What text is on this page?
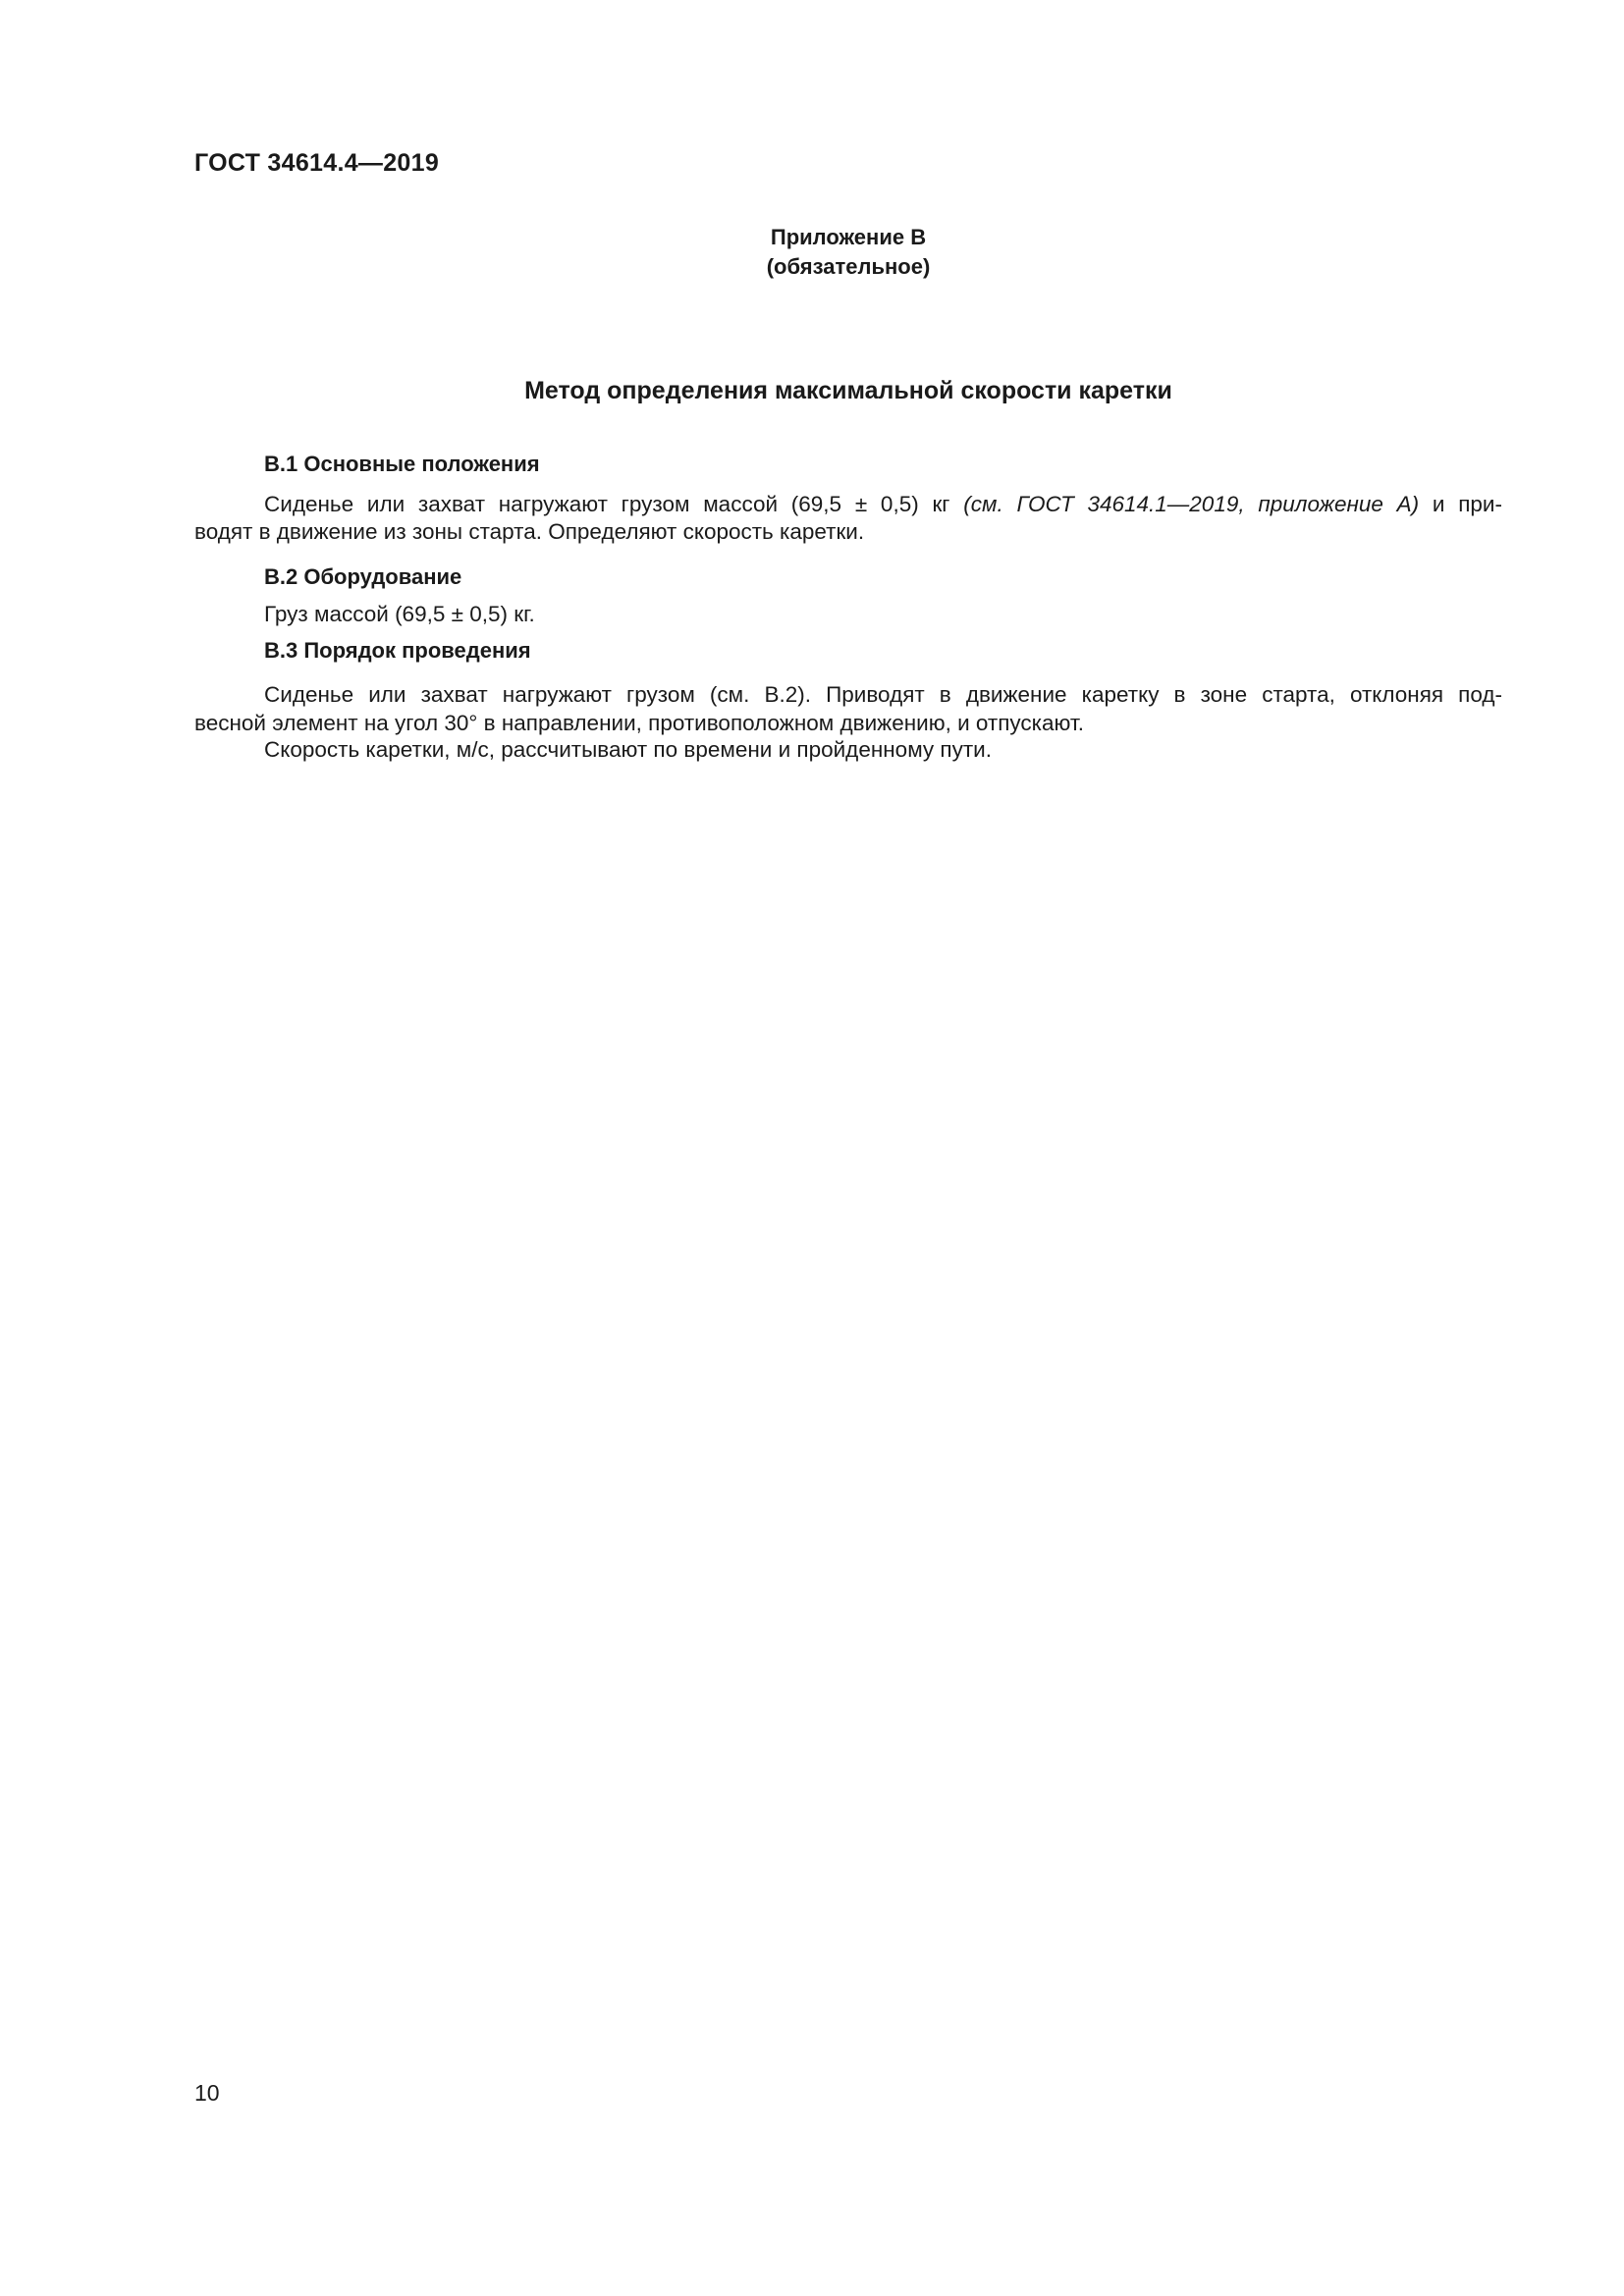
ГОСТ 34614.4—2019
Приложение В
(обязательное)
Метод определения максимальной скорости каретки
В.1 Основные положения
Сиденье или захват нагружают грузом массой (69,5 ± 0,5) кг (см. ГОСТ 34614.1—2019, приложение А) и при-
водят в движение из зоны старта. Определяют скорость каретки.
В.2 Оборудование
Груз массой (69,5 ± 0,5) кг.
В.3 Порядок проведения
Сиденье или захват нагружают грузом (см. В.2). Приводят в движение каретку в зоне старта, отклоняя под-
весной элемент на угол 30° в направлении, противоположном движению, и отпускают.
Скорость каретки, м/с, рассчитывают по времени и пройденному пути.
10
